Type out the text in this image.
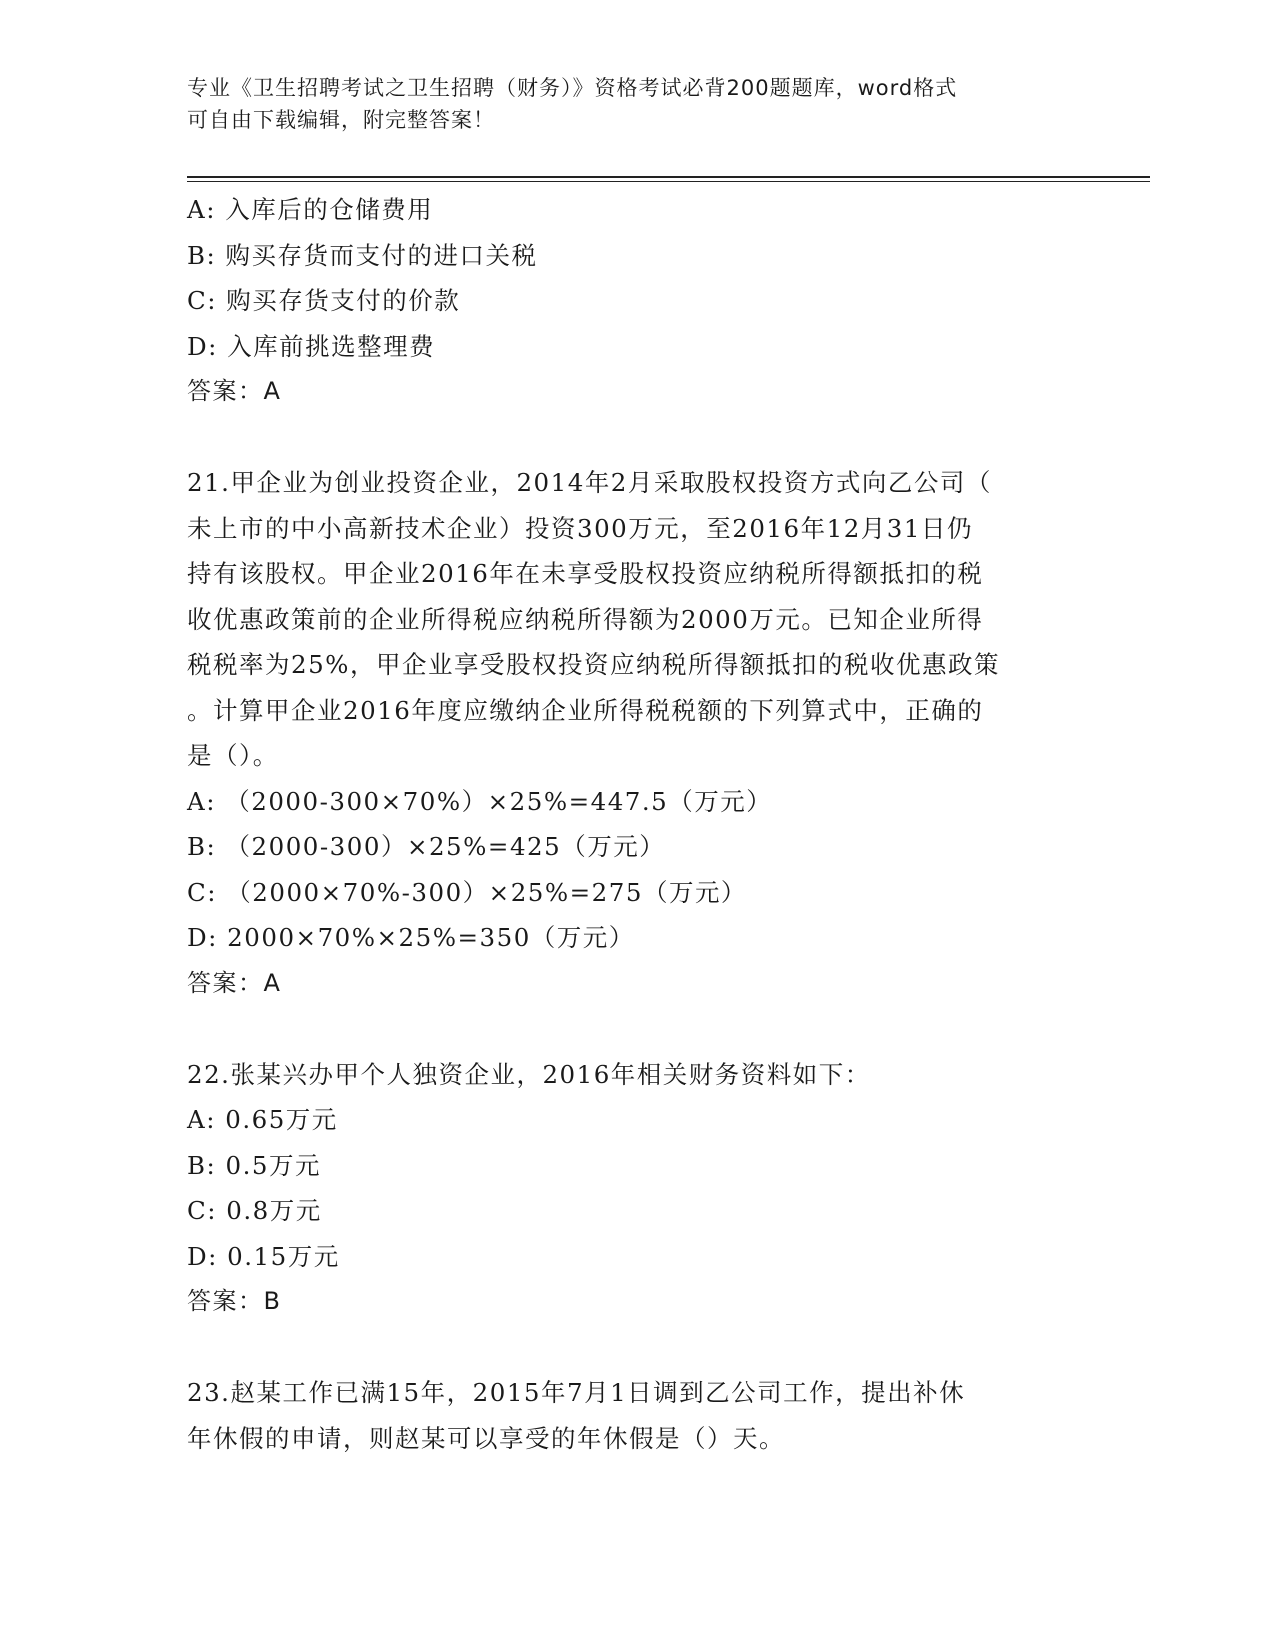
专业《卫生招聘考试之卫生招聘（财务）》资格考试必背200题题库，word格式
可自由下载编辑，附完整答案！
A: 入库后的仓储费用
B: 购买存货而支付的进口关税
C: 购买存货支付的价款
D: 入库前挑选整理费
答案：A
21.甲企业为创业投资企业，2014年2月采取股权投资方式向乙公司（
未上市的中小高新技术企业）投资300万元，至2016年12月31日仍
持有该股权。甲企业2016年在未享受股权投资应纳税所得额抵扣的税
收优惠政策前的企业所得税应纳税所得额为2000万元。已知企业所得
税税率为25%，甲企业享受股权投资应纳税所得额抵扣的税收优惠政策
。计算甲企业2016年度应缴纳企业所得税税额的下列算式中，正确的
是（）。
A: （2000-300×70%）×25%=447.5（万元）
B: （2000-300）×25%=425（万元）
C: （2000×70%-300）×25%=275（万元）
D: 2000×70%×25%=350（万元）
答案：A
22.张某兴办甲个人独资企业，2016年相关财务资料如下：
A: 0.65万元
B: 0.5万元
C: 0.8万元
D: 0.15万元
答案：B
23.赵某工作已满15年，2015年7月1日调到乙公司工作，提出补休
年休假的申请，则赵某可以享受的年休假是（）天。
